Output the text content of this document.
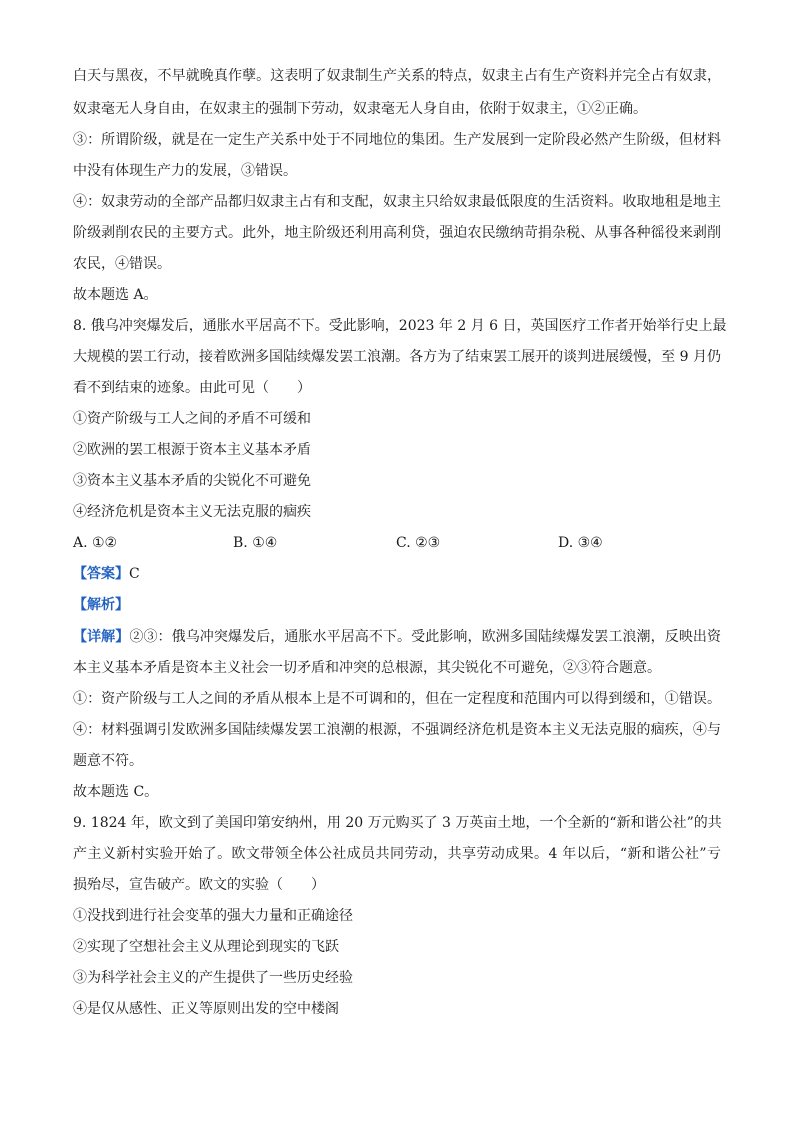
白天与黑夜，不早就晚真作孽。这表明了奴隶制生产关系的特点，奴隶主占有生产资料并完全占有奴隶，
奴隶毫无人身自由，在奴隶主的强制下劳动，奴隶毫无人身自由，依附于奴隶主，①②正确。
③：所谓阶级，就是在一定生产关系中处于不同地位的集团。生产发展到一定阶段必然产生阶级，但材料
中没有体现生产力的发展，③错误。
④：奴隶劳动的全部产品都归奴隶主占有和支配，奴隶主只给奴隶最低限度的生活资料。收取地租是地主
阶级剥削农民的主要方式。此外，地主阶级还利用高利贷，强迫农民缴纳苛捐杂税、从事各种徭役来剥削
农民，④错误。
故本题选 A。
8. 俄乌冲突爆发后，通胀水平居高不下。受此影响，2023 年 2 月 6 日，英国医疗工作者开始举行史上最
大规模的罢工行动，接着欧洲多国陆续爆发罢工浪潮。各方为了结束罢工展开的谈判进展缓慢，至 9 月仍
看不到结束的迹象。由此可见（　　）
①资产阶级与工人之间的矛盾不可缓和
②欧洲的罢工根源于资本主义基本矛盾
③资本主义基本矛盾的尖锐化不可避免
④经济危机是资本主义无法克服的痼疾
A. ①②	B. ①④	C. ②③	D. ③④
【答案】C
【解析】
【详解】②③：俄乌冲突爆发后，通胀水平居高不下。受此影响，欧洲多国陆续爆发罢工浪潮，反映出资
本主义基本矛盾是资本主义社会一切矛盾和冲突的总根源，其尖锐化不可避免，②③符合题意。
①：资产阶级与工人之间的矛盾从根本上是不可调和的，但在一定程度和范围内可以得到缓和，①错误。
④：材料强调引发欧洲多国陆续爆发罢工浪潮的根源，不强调经济危机是资本主义无法克服的痼疾，④与
题意不符。
故本题选 C。
9. 1824 年，欧文到了美国印第安纳州，用 20 万元购买了 3 万英亩土地，一个全新的“新和谐公社”的共
产主义新村实验开始了。欧文带领全体公社成员共同劳动，共享劳动成果。4 年以后，“新和谐公社”亏
损殆尽，宣告破产。欧文的实验（　　）
①没找到进行社会变革的强大力量和正确途径
②实现了空想社会主义从理论到现实的飞跃
③为科学社会主义的产生提供了一些历史经验
④是仅从感性、正义等原则出发的空中楼阁
